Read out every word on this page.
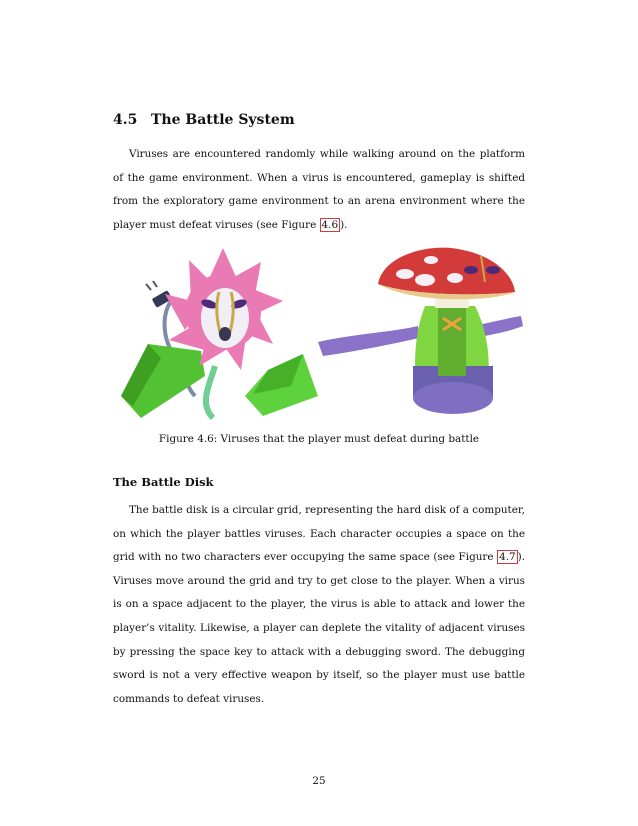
4.5 The Battle System

Viruses are encountered randomly while walking around on the platform of the game environment. When a virus is encountered, gameplay is shifted from the exploratory game environment to an arena environment where the player must defeat viruses (see Figure 4.6 ).

Figure 4.6: Viruses that the player must defeat during battle
The Battle Disk

The battle disk is a circular grid, representing the hard disk of a computer, on which the player battles viruses. Each character occupies a space on the grid with no two characters ever occupying the same space (see Figure 4.7 ). Viruses move around the grid and try to get close to the player. When a virus is on a space adjacent to the player, the virus is able to attack and lower the player’s vitality. Likewise, a player can deplete the vitality of adjacent viruses by pressing the space key to attack with a debugging sword. The debugging sword is not a very effective weapon by itself, so the player must use battle commands to defeat viruses.

25
